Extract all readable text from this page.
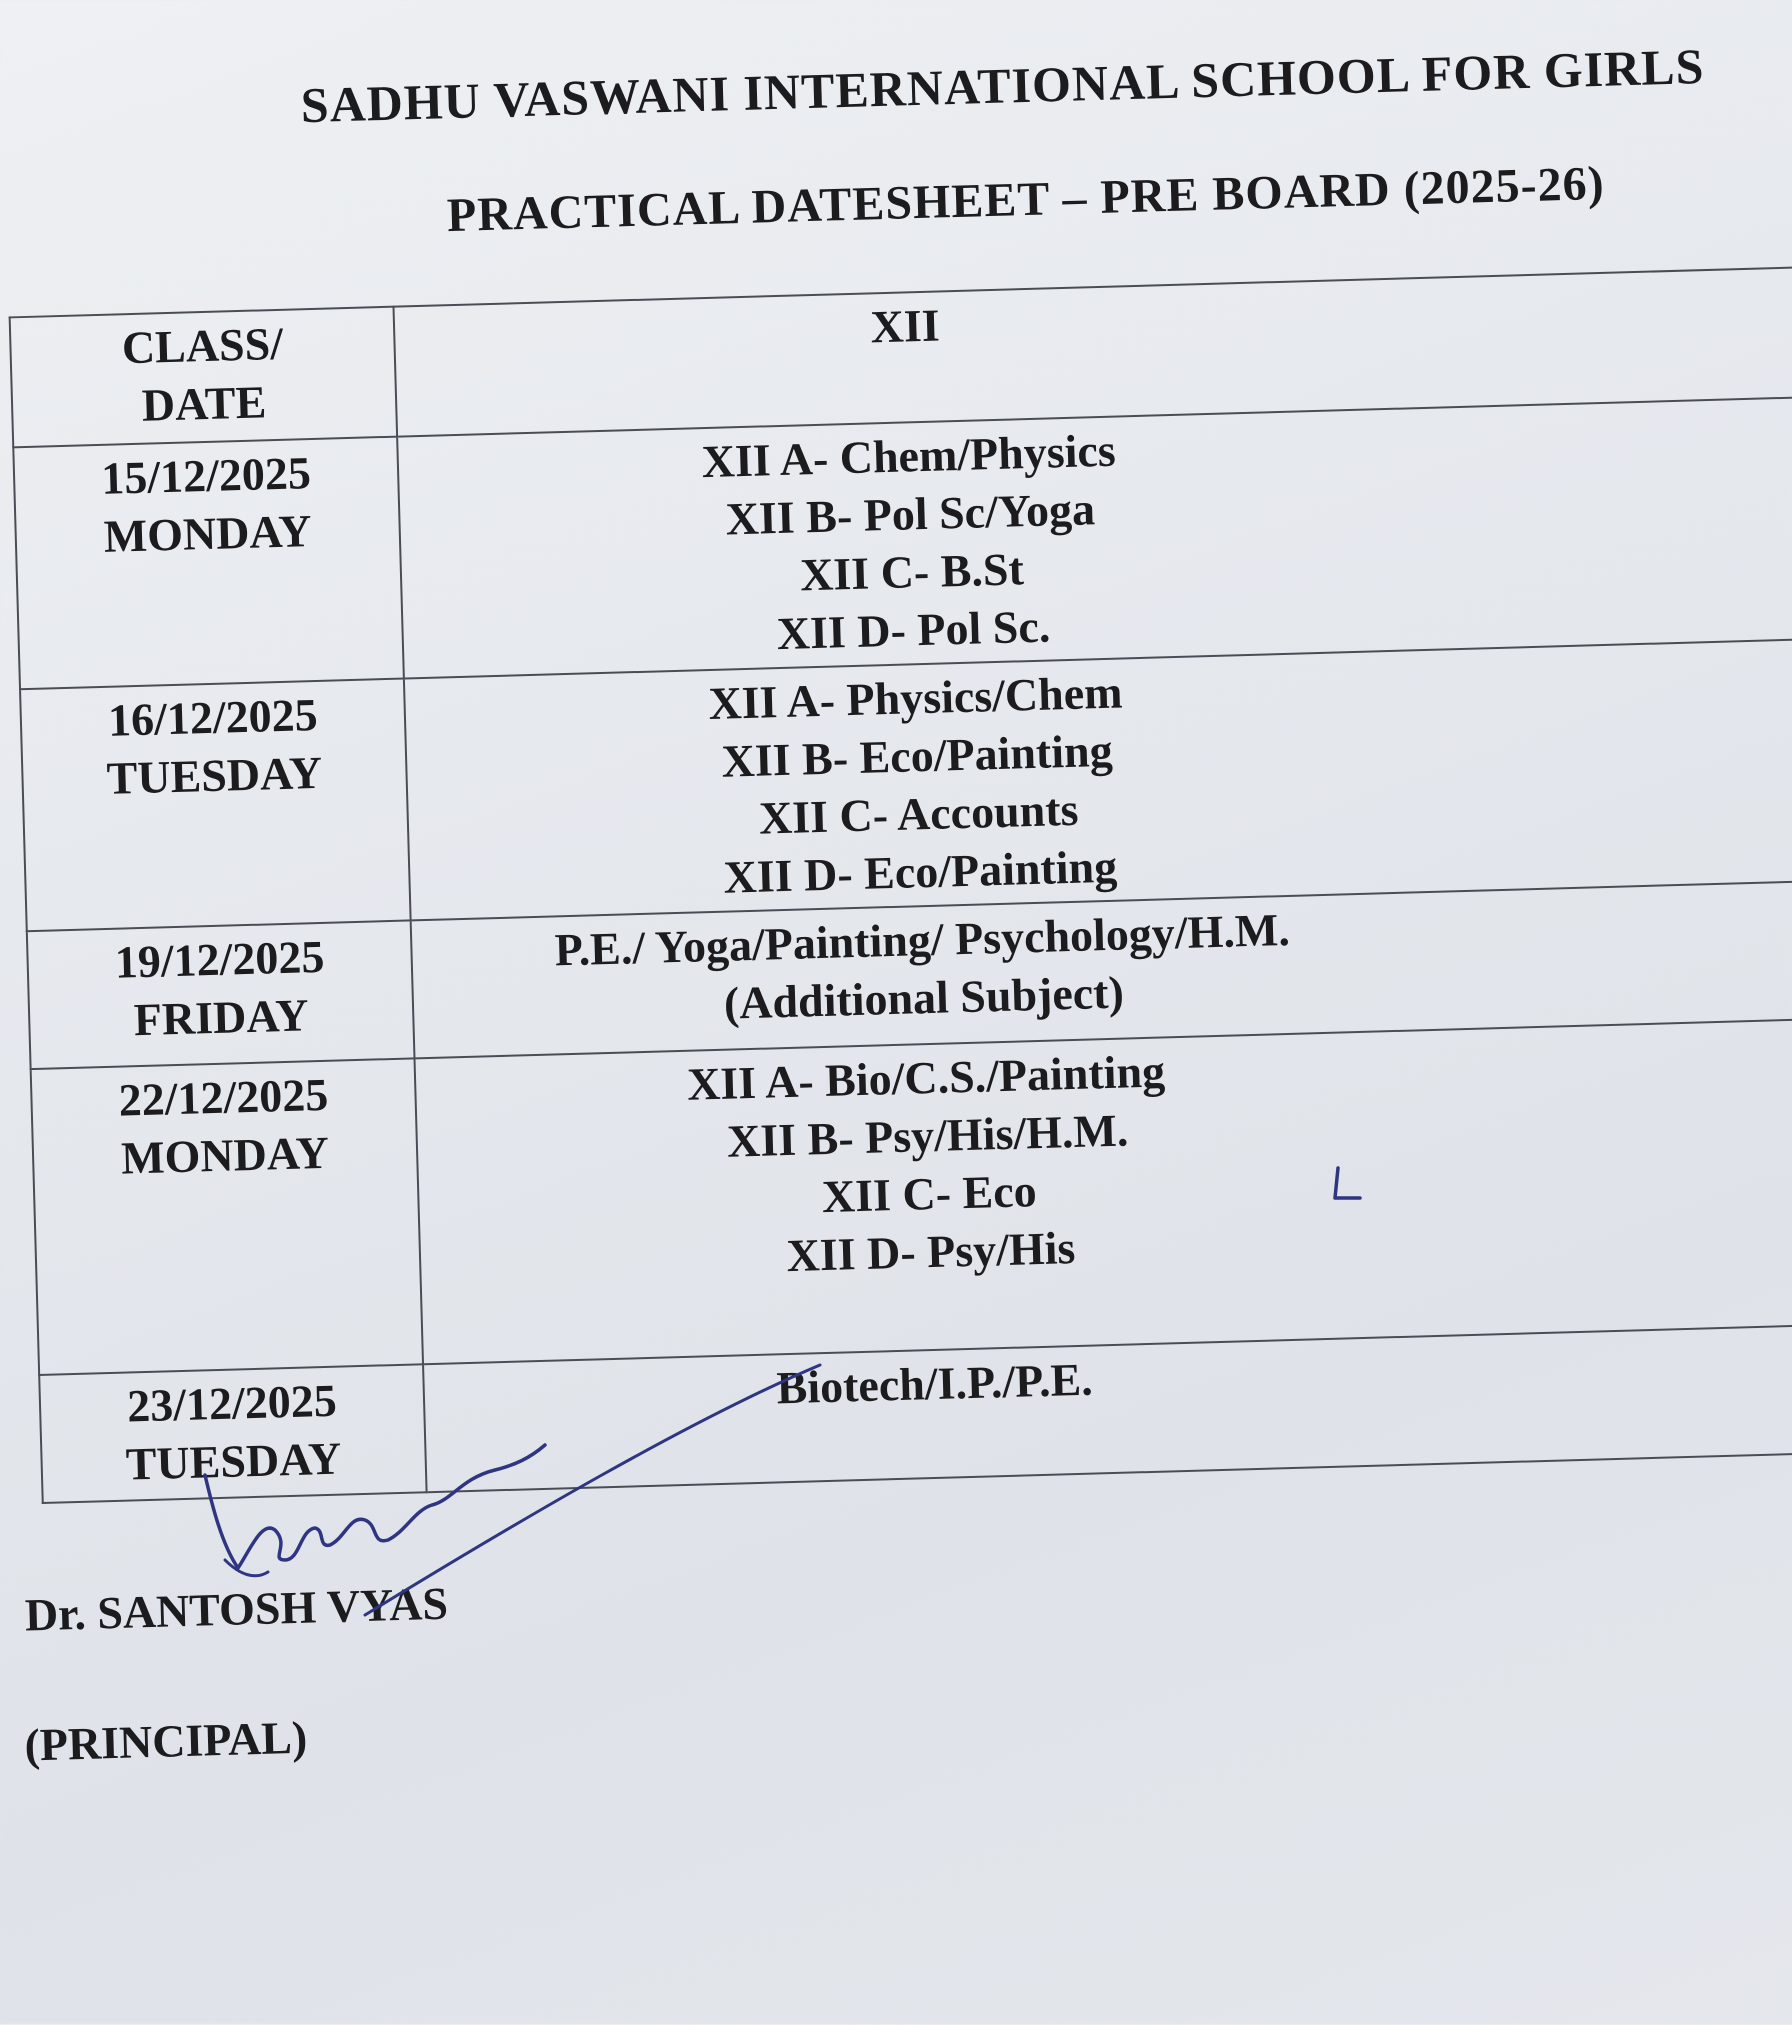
SADHU VASWANI INTERNATIONAL SCHOOL FOR GIRLS
PRACTICAL DATESHEET – PRE BOARD (2025-26)
CLASS/
DATE	XII

15/12/2025
MONDAY	XII A- Chem/Physics
XII B- Pol Sc/Yoga
XII C- B.St
XII D- Pol Sc.

16/12/2025
TUESDAY	XII A- Physics/Chem
XII B- Eco/Painting
XII C- Accounts
XII D- Eco/Painting

19/12/2025
FRIDAY	P.E./ Yoga/Painting/ Psychology/H.M.
(Additional Subject)

22/12/2025
MONDAY	XII A- Bio/C.S./Painting
XII B- Psy/His/H.M.
XII C- Eco
XII D- Psy/His

23/12/2025
TUESDAY	Biotech/I.P./P.E.
Dr. SANTOSH VYAS
(PRINCIPAL)
